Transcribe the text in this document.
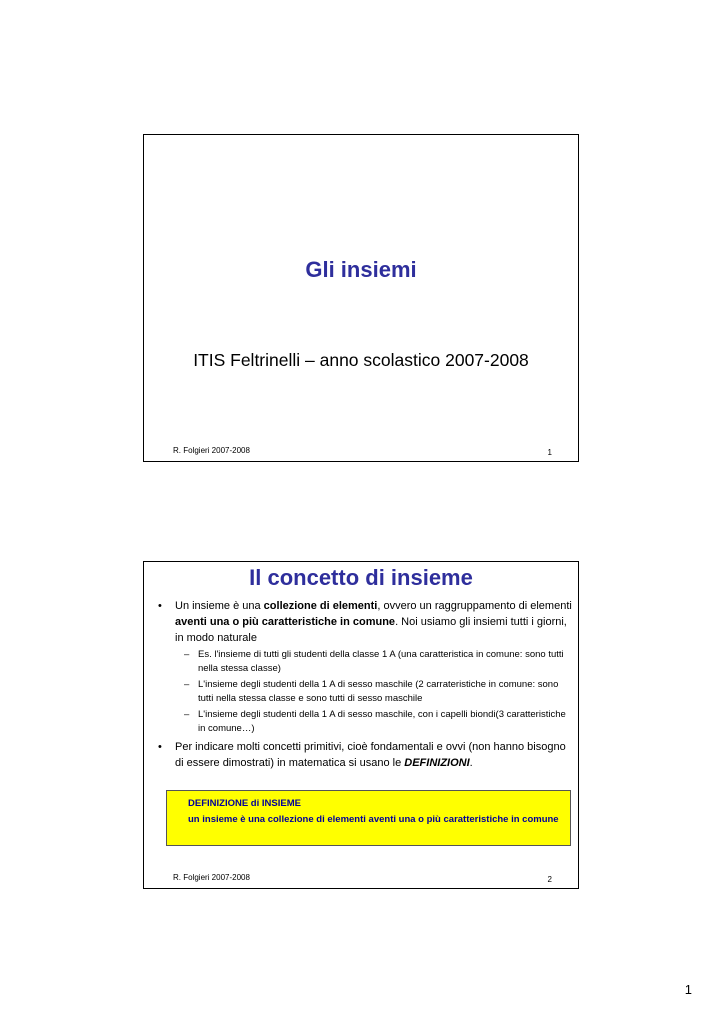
Gli insiemi
ITIS Feltrinelli – anno scolastico 2007-2008
R. Folgieri 2007-2008	1
Il concetto di insieme
• Un insieme è una collezione di elementi, ovvero un raggruppamento di elementi aventi una o più caratteristiche in comune. Noi usiamo gli insiemi tutti i giorni, in modo naturale
– Es. l'insieme di tutti gli studenti della classe 1 A (una caratteristica in comune: sono tutti nella stessa classe)
– L'insieme degli studenti della 1 A di sesso maschile (2 carrateristiche in comune: sono tutti nella stessa classe e sono tutti di sesso maschile
– L'insieme degli studenti della 1 A di sesso maschile, con i capelli biondi(3 caratteristiche in comune…)
• Per indicare molti concetti primitivi, cioè fondamentali e ovvi (non hanno bisogno di essere dimostrati) in matematica si usano le DEFINIZIONI.
DEFINIZIONE di INSIEME
un insieme è una collezione di elementi aventi una o più caratteristiche in comune
R. Folgieri 2007-2008	2
1
